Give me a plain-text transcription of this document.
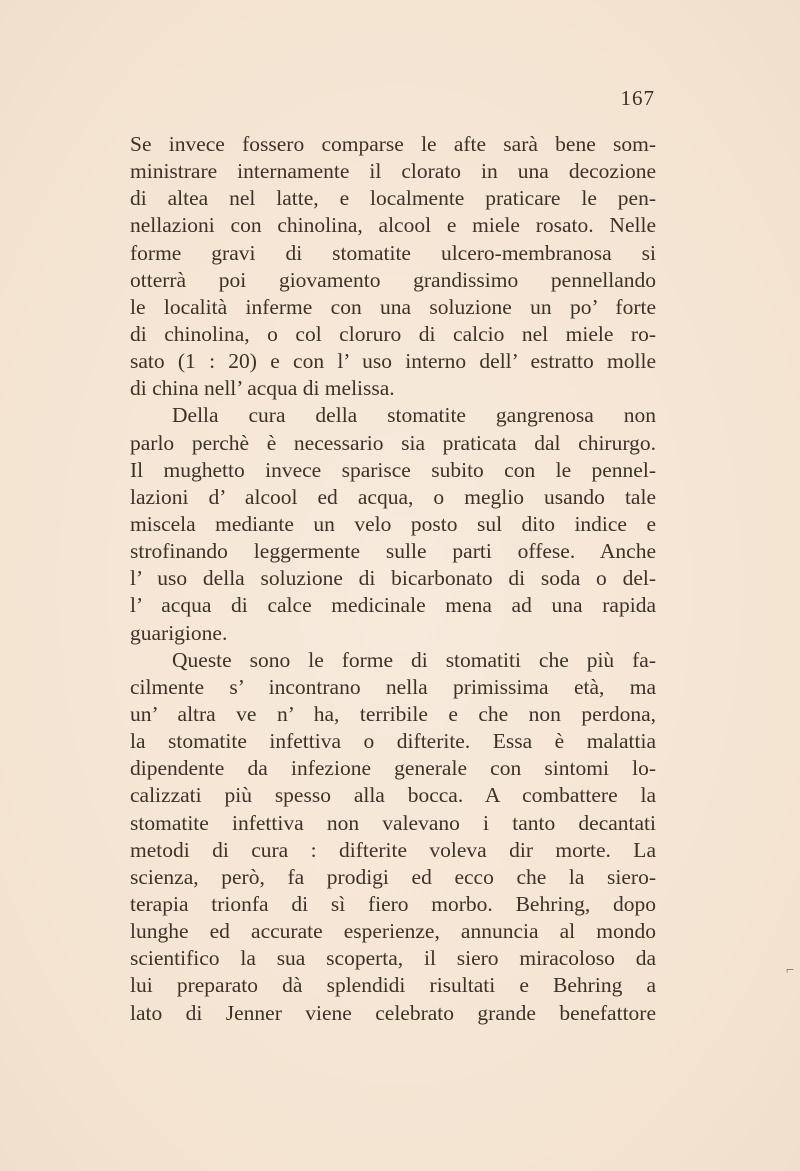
167
Se invece fossero comparse le afte sarà bene som-
ministrare internamente il clorato in una decozione
di altea nel latte, e localmente praticare le pen-
nellazioni con chinolina, alcool e miele rosato. Nelle
forme gravi di stomatite ulcero-membranosa si
otterrà poi giovamento grandissimo pennellando
le località inferme con una soluzione un po’ forte
di chinolina, o col cloruro di calcio nel miele ro-
sato (1 : 20) e con l’ uso interno dell’ estratto molle
di china nell’ acqua di melissa.
Della cura della stomatite gangrenosa non
parlo perchè è necessario sia praticata dal chirurgo.
Il mughetto invece sparisce subito con le pennel-
lazioni d’ alcool ed acqua, o meglio usando tale
miscela mediante un velo posto sul dito indice e
strofinando leggermente sulle parti offese. Anche
l’ uso della soluzione di bicarbonato di soda o del-
l’ acqua di calce medicinale mena ad una rapida
guarigione.
Queste sono le forme di stomatiti che più fa-
cilmente s’ incontrano nella primissima età, ma
un’ altra ve n’ ha, terribile e che non perdona,
la stomatite infettiva o difterite. Essa è malattia
dipendente da infezione generale con sintomi lo-
calizzati più spesso alla bocca. A combattere la
stomatite infettiva non valevano i tanto decantati
metodi di cura : difterite voleva dir morte. La
scienza, però, fa prodigi ed ecco che la siero-
terapia trionfa di sì fiero morbo. Behring, dopo
lunghe ed accurate esperienze, annuncia al mondo
scientifico la sua scoperta, il siero miracoloso da
lui preparato dà splendidi risultati e Behring a
lato di Jenner viene celebrato grande benefattore
⌐
